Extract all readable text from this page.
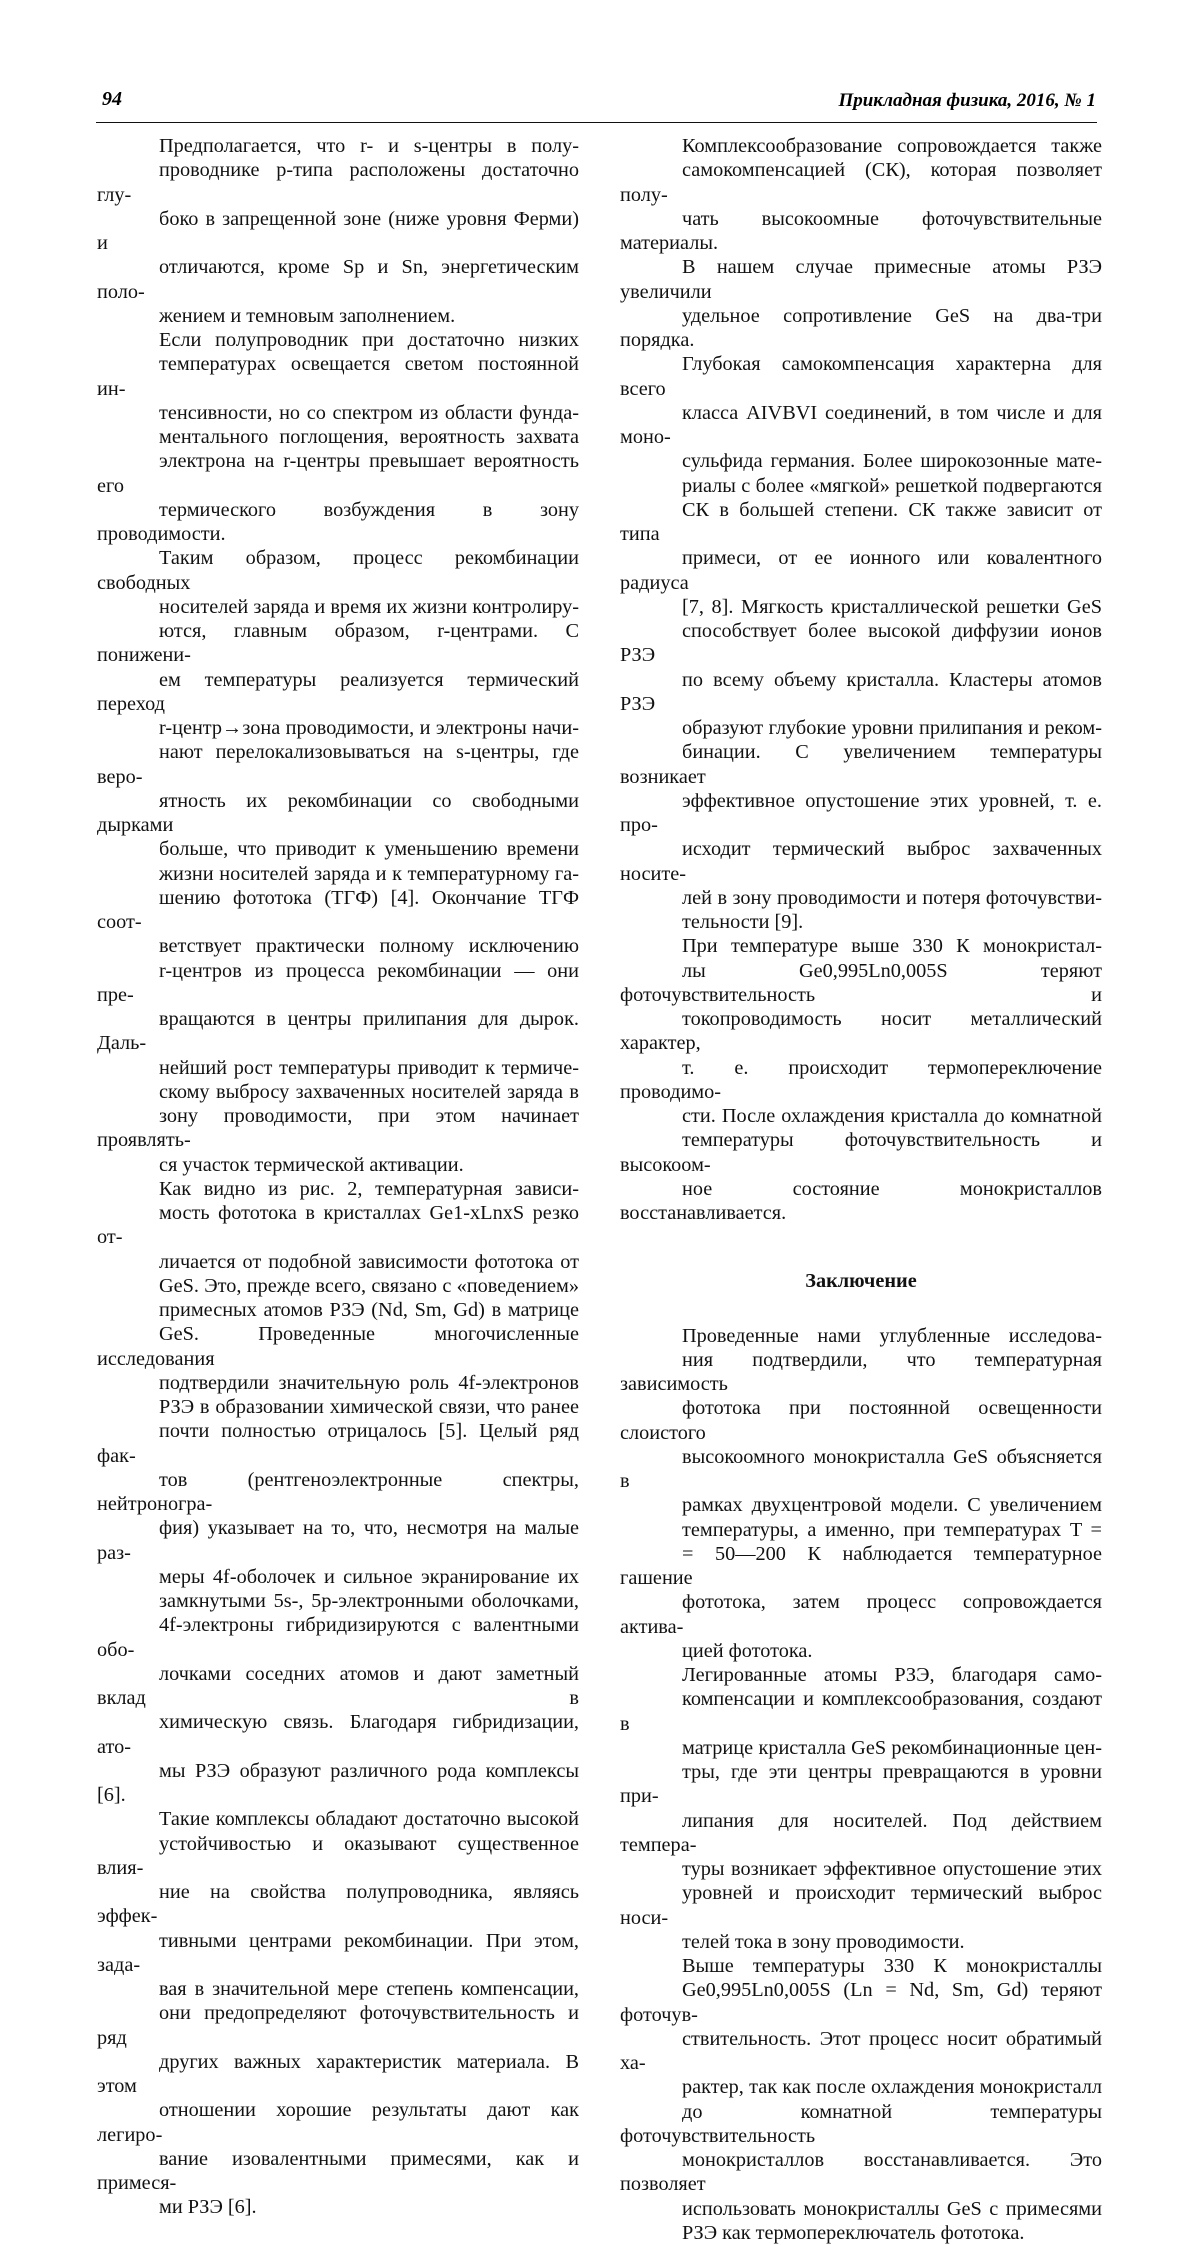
94	Прикладная физика, 2016, № 1

Предполагается, что r- и s-центры в полу-
проводнике p-типа расположены достаточно глу-
боко в запрещенной зоне (ниже уровня Ферми) и
отличаются, кроме Sp и Sn, энергетическим поло-
жением и темновым заполнением.

Если полупроводник при достаточно низких
температурах освещается светом постоянной ин-
тенсивности, но со спектром из области фунда-
ментального поглощения, вероятность захвата
электрона на r-центры превышает вероятность его
термического возбуждения в зону проводимости.
Таким образом, процесс рекомбинации свободных
носителей заряда и время их жизни контролиру-
ются, главным образом, r-центрами. С понижени-
ем температуры реализуется термический переход
r-центр→зона проводимости, и электроны начи-
нают перелокализовываться на s-центры, где веро-
ятность их рекомбинации со свободными дырками
больше, что приводит к уменьшению времени
жизни носителей заряда и к температурному га-
шению фототока (ТГФ) [4]. Окончание ТГФ соот-
ветствует практически полному исключению
r-центров из процесса рекомбинации — они пре-
вращаются в центры прилипания для дырок. Даль-
нейший рост температуры приводит к термиче-
скому выбросу захваченных носителей заряда в
зону проводимости, при этом начинает проявлять-
ся участок термической активации.

Как видно из рис. 2, температурная зависи-
мость фототока в кристаллах Ge1-xLnxS резко от-
личается от подобной зависимости фототока от
GeS. Это, прежде всего, связано с «поведением»
примесных атомов РЗЭ (Nd, Sm, Gd) в матрице
GeS. Проведенные многочисленные исследования
подтвердили значительную роль 4f-электронов
РЗЭ в образовании химической связи, что ранее
почти полностью отрицалось [5]. Целый ряд фак-
тов (рентгеноэлектронные спектры, нейтроногра-
фия) указывает на то, что, несмотря на малые раз-
меры 4f-оболочек и сильное экранирование их
замкнутыми 5s-, 5p-электронными оболочками,
4f-электроны гибридизируются с валентными обо-
лочками соседних атомов и дают заметный вклад в
химическую связь. Благодаря гибридизации, ато-
мы РЗЭ образуют различного рода комплексы [6].
Такие комплексы обладают достаточно высокой
устойчивостью и оказывают существенное влия-
ние на свойства полупроводника, являясь эффек-
тивными центрами рекомбинации. При этом, зада-
вая в значительной мере степень компенсации,
они предопределяют фоточувствительность и ряд
других важных характеристик материала. В этом
отношении хорошие результаты дают как легиро-
вание изовалентными примесями, как и примеся-
ми РЗЭ [6].

Комплексообразование сопровождается также
самокомпенсацией (СК), которая позволяет полу-
чать высокоомные фоточувствительные материалы.
В нашем случае примесные атомы РЗЭ увеличили
удельное сопротивление GeS на два-три порядка.
Глубокая самокомпенсация характерна для всего
класса AIVBVI соединений, в том числе и для моно-
сульфида германия. Более широкозонные мате-
риалы с более «мягкой» решеткой подвергаются
СК в большей степени. СК также зависит от типа
примеси, от ее ионного или ковалентного радиуса
[7, 8]. Мягкость кристаллической решетки GeS
способствует более высокой диффузии ионов РЗЭ
по всему объему кристалла. Кластеры атомов РЗЭ
образуют глубокие уровни прилипания и реком-
бинации. С увеличением температуры возникает
эффективное опустошение этих уровней, т. е. про-
исходит термический выброс захваченных носите-
лей в зону проводимости и потеря фоточувстви-
тельности [9].

При температуре выше 330 К монокристал-
лы Ge0,995Ln0,005S теряют фоточувствительность и
токопроводимость носит металлический характер,
т. е. происходит термопереключение проводимо-
сти. После охлаждения кристалла до комнатной
температуры фоточувствительность и высокоом-
ное состояние монокристаллов восстанавливается.

Заключение

Проведенные нами углубленные исследова-
ния подтвердили, что температурная зависимость
фототока при постоянной освещенности слоистого
высокоомного монокристалла GeS объясняется в
рамках двухцентровой модели. С увеличением
температуры, а именно, при температурах T =
= 50—200 К наблюдается температурное гашение
фототока, затем процесс сопровождается актива-
цией фототока.

Легированные атомы РЗЭ, благодаря само-
компенсации и комплексообразования, создают в
матрице кристалла GeS рекомбинационные цен-
тры, где эти центры превращаются в уровни при-
липания для носителей. Под действием темпера-
туры возникает эффективное опустошение этих
уровней и происходит термический выброс носи-
телей тока в зону проводимости.

Выше температуры 330 К монокристаллы
Ge0,995Ln0,005S (Ln = Nd, Sm, Gd) теряют фоточув-
ствительность. Этот процесс носит обратимый ха-
рактер, так как после охлаждения монокристалл
до комнатной температуры фоточувствительность
монокристаллов восстанавливается. Это позволяет
использовать монокристаллы GeS с примесями
РЗЭ как термопереключатель фототока.
